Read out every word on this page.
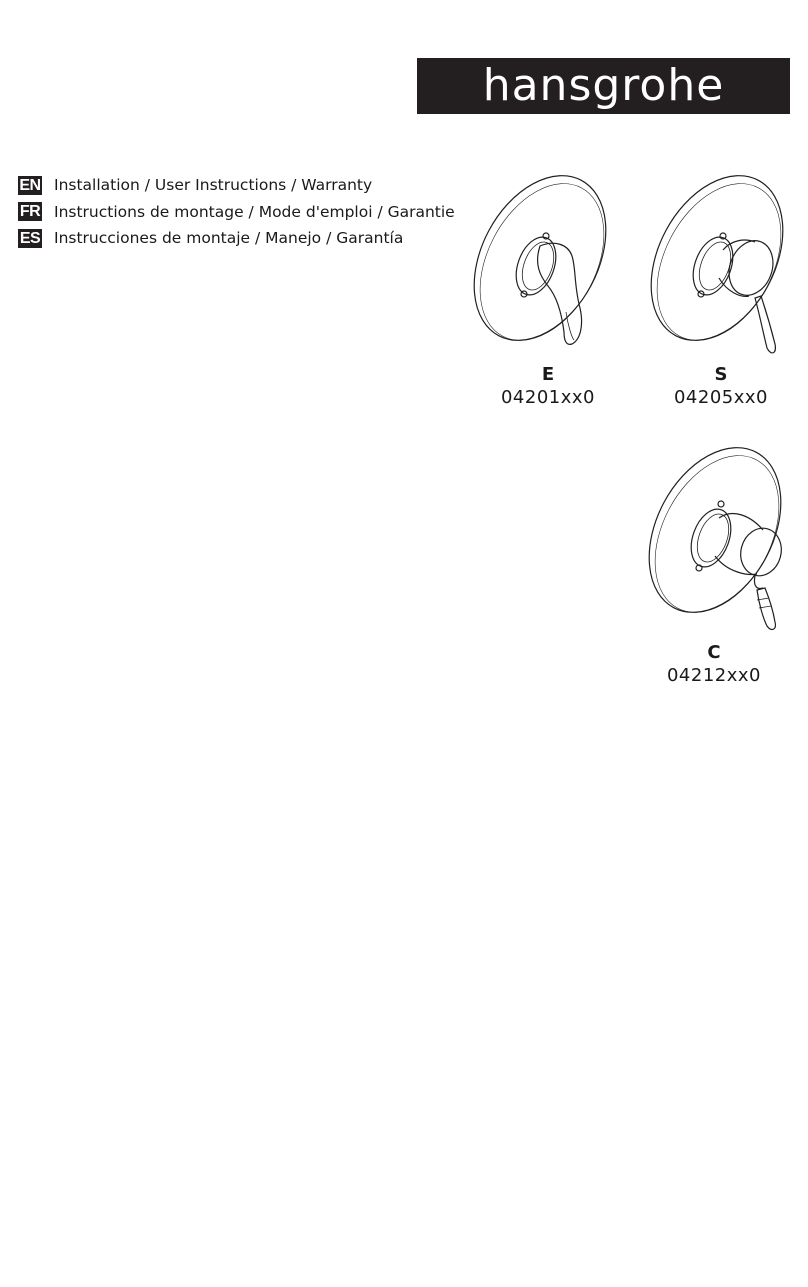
hansgrohe
EN Installation / User Instructions / Warranty
FR Instructions de montage / Mode d'emploi / Garantie
ES Instrucciones de montaje / Manejo / Garantía
E
04201xx0
S
04205xx0
C
04212xx0
